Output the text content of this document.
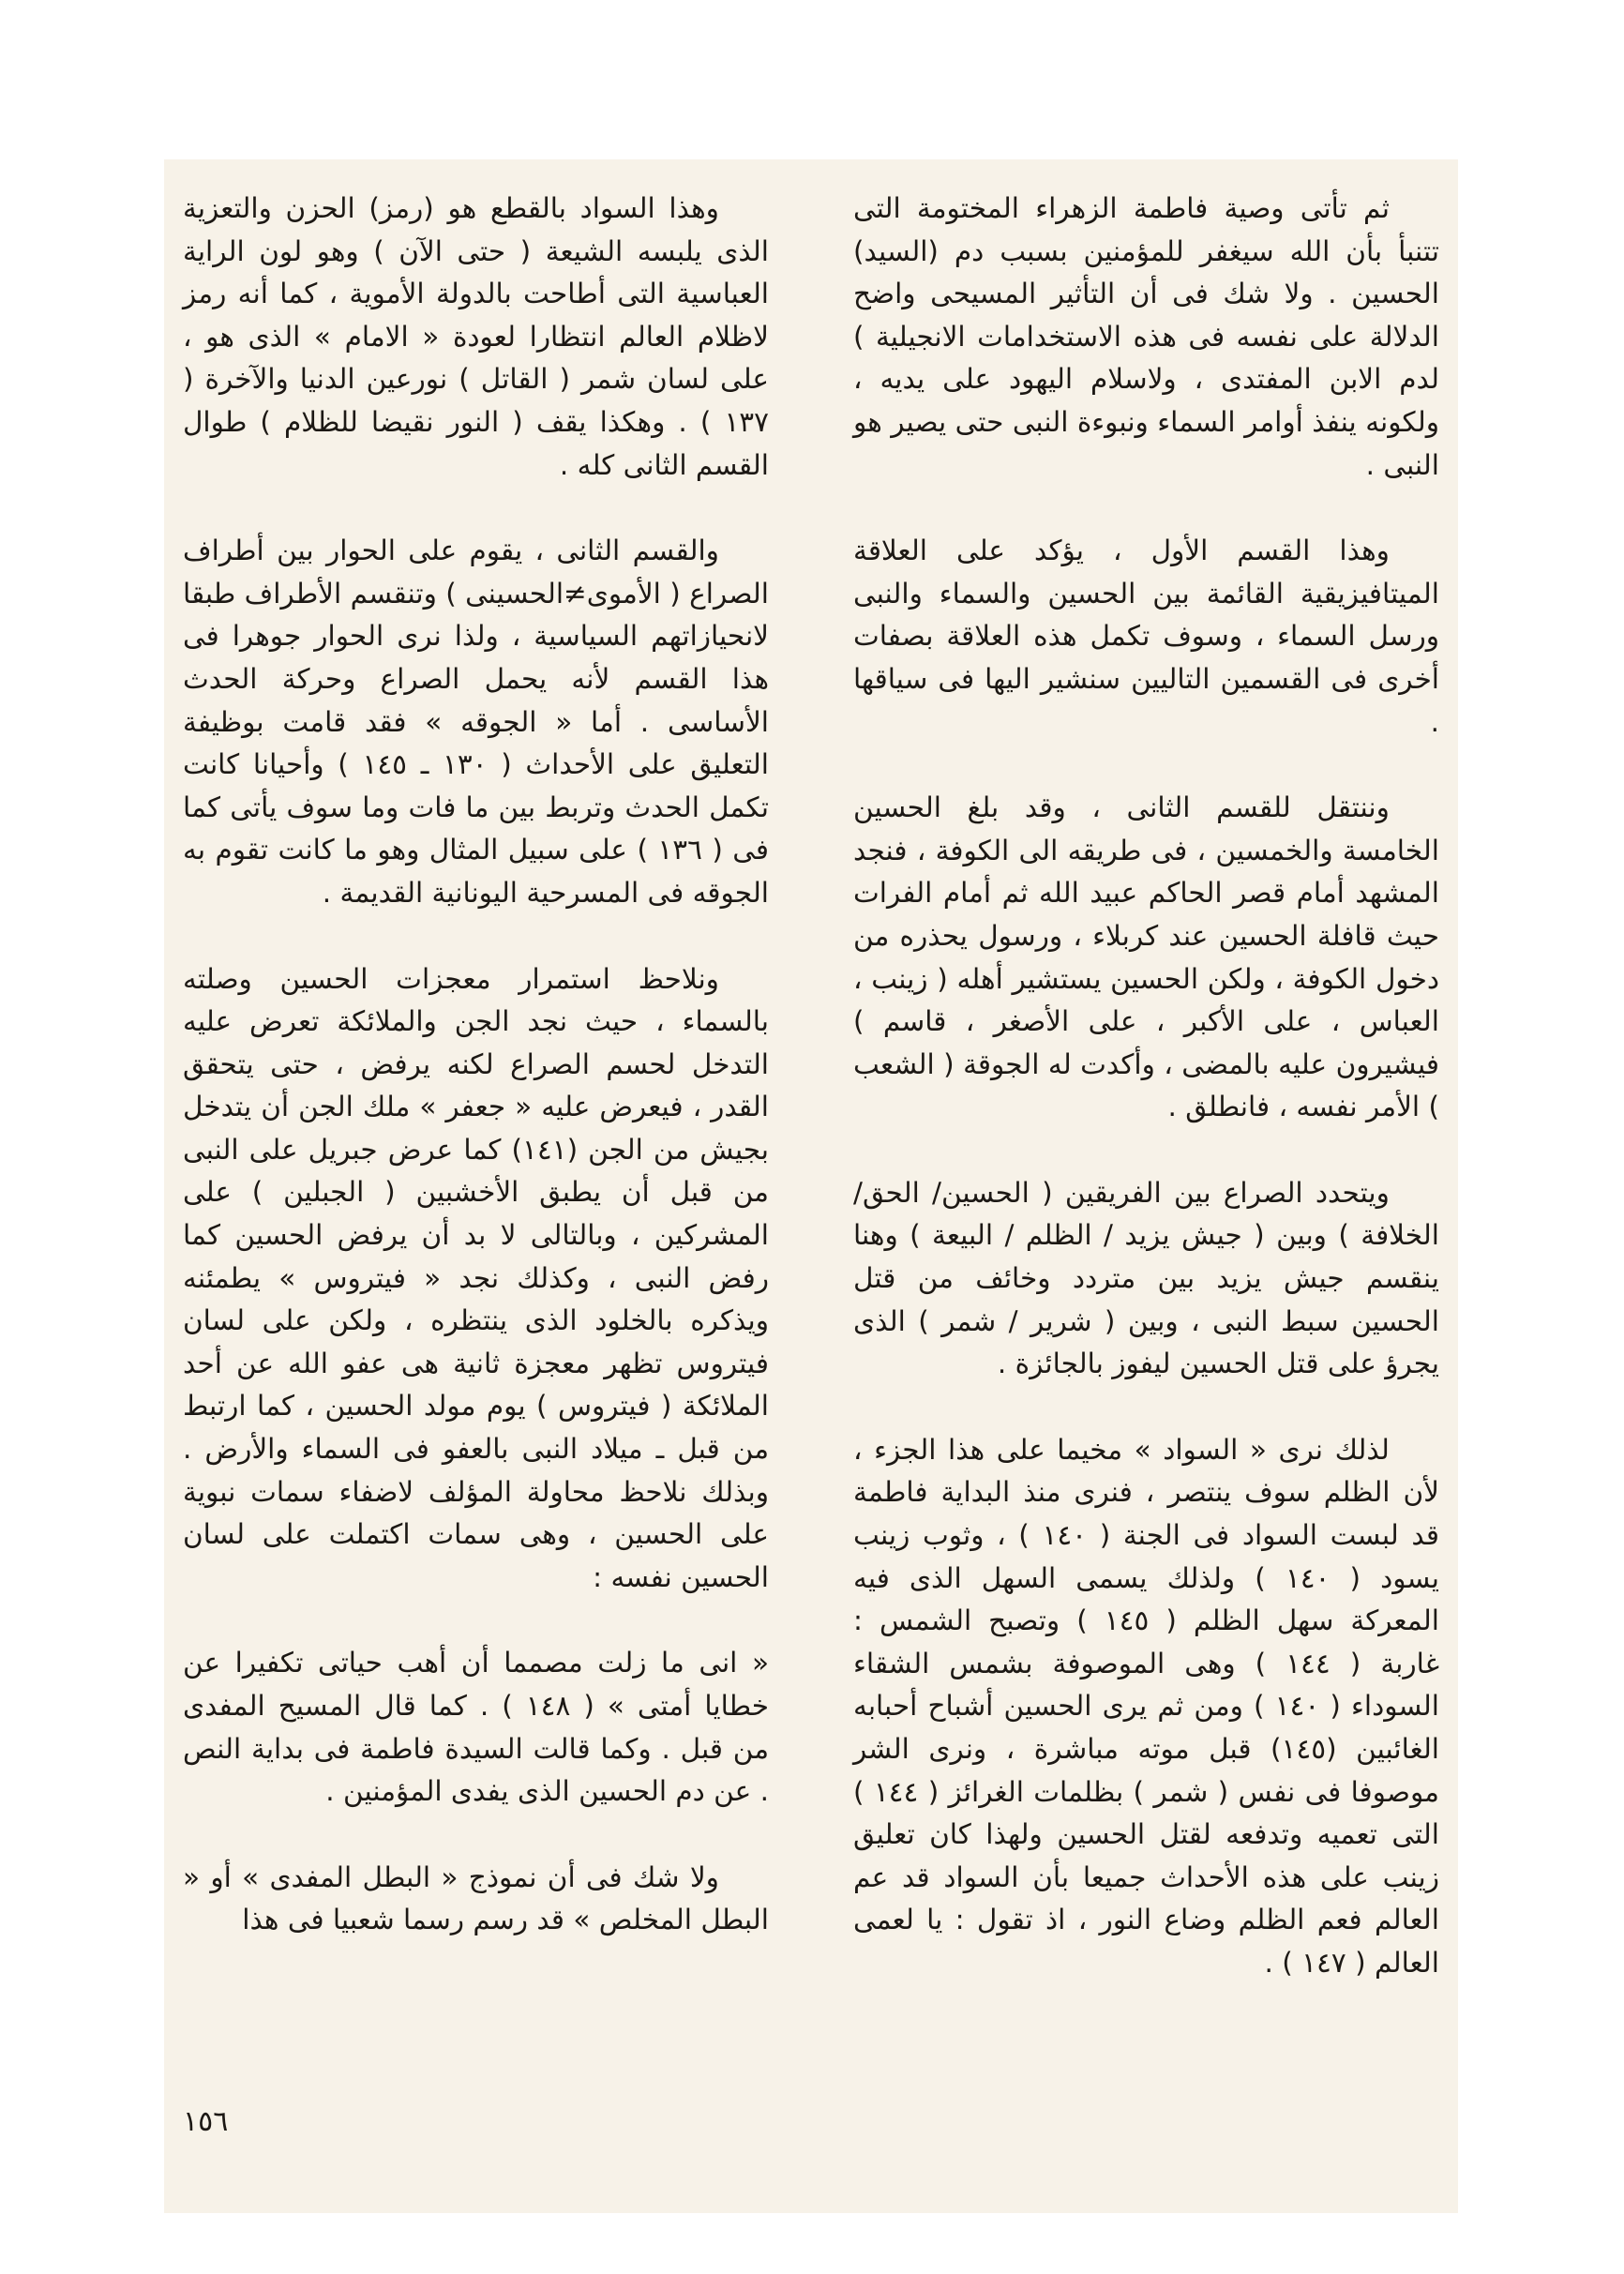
ثم تأتى وصية فاطمة الزهراء المختومة التى تتنبأ بأن الله سيغفر للمؤمنين بسبب دم (السيد) الحسين . ولا شك فى أن التأثير المسيحى واضح الدلالة على نفسه فى هذه الاستخدامات الانجيلية ) لدم الابن المفتدى ، ولاسلام اليهود على يديه ، ولكونه ينفذ أوامر السماء ونبوءة النبى حتى يصير هو النبى .

وهذا القسم الأول ، يؤكد على العلاقة الميتافيزيقية القائمة بين الحسين والسماء والنبى ورسل السماء ، وسوف تكمل هذه العلاقة بصفات أخرى فى القسمين التاليين سنشير اليها فى سياقها .

وننتقل للقسم الثانى ، وقد بلغ الحسين الخامسة والخمسين ، فى طريقه الى الكوفة ، فنجد المشهد أمام قصر الحاكم عبيد الله ثم أمام الفرات حيث قافلة الحسين عند كربلاء ، ورسول يحذره من دخول الكوفة ، ولكن الحسين يستشير أهله ( زينب ، العباس ، على الأكبر ، على الأصغر ، قاسم ) فيشيرون عليه بالمضى ، وأكدت له الجوقة ( الشعب ) الأمر نفسه ، فانطلق .

ويتحدد الصراع بين الفريقين ( الحسين/ الحق/ الخلافة ) وبين ( جيش يزيد / الظلم / البيعة ) وهنا ينقسم جيش يزيد بين متردد وخائف من قتل الحسين سبط النبى ، وبين ( شرير / شمر ) الذى يجرؤ على قتل الحسين ليفوز بالجائزة .

لذلك نرى « السواد » مخيما على هذا الجزء ، لأن الظلم سوف ينتصر ، فنرى منذ البداية فاطمة قد لبست السواد فى الجنة ( ١٤٠ ) ، وثوب زينب يسود ( ١٤٠ ) ولذلك يسمى السهل الذى فيه المعركة سهل الظلم ( ١٤٥ ) وتصبح الشمس : غاربة ( ١٤٤ ) وهى الموصوفة بشمس الشقاء السوداء ( ١٤٠ ) ومن ثم يرى الحسين أشباح أحبابه الغائبين (١٤٥) قبل موته مباشرة ، ونرى الشر موصوفا فى نفس ( شمر ) بظلمات الغرائز ( ١٤٤ ) التى تعميه وتدفعه لقتل الحسين ولهذا كان تعليق زينب على هذه الأحداث جميعا بأن السواد قد عم العالم فعم الظلم وضاع النور ، اذ تقول : يا لعمى العالم ( ١٤٧ ) .

وهذا السواد بالقطع هو (رمز) الحزن والتعزية الذى يلبسه الشيعة ( حتى الآن ) وهو لون الراية العباسية التى أطاحت بالدولة الأموية ، كما أنه رمز لاظلام العالم انتظارا لعودة « الامام » الذى هو ، على لسان شمر ( القاتل ) نورعين الدنيا والآخرة ( ١٣٧ ) . وهكذا يقف ( النور نقيضا للظلام ) طوال القسم الثانى كله .

والقسم الثانى ، يقوم على الحوار بين أطراف الصراع ( الأموى≠الحسينى ) وتنقسم الأطراف طبقا لانحيازاتهم السياسية ، ولذا نرى الحوار جوهرا فى هذا القسم لأنه يحمل الصراع وحركة الحدث الأساسى . أما « الجوقه » فقد قامت بوظيفة التعليق على الأحداث ( ١٣٠ ـ ١٤٥ ) وأحيانا كانت تكمل الحدث وتربط بين ما فات وما سوف يأتى كما فى ( ١٣٦ ) على سبيل المثال وهو ما كانت تقوم به الجوقه فى المسرحية اليونانية القديمة .

ونلاحظ استمرار معجزات الحسين وصلته بالسماء ، حيث نجد الجن والملائكة تعرض عليه التدخل لحسم الصراع لكنه يرفض ، حتى يتحقق القدر ، فيعرض عليه « جعفر » ملك الجن أن يتدخل بجيش من الجن (١٤١) كما عرض جبريل على النبى من قبل أن يطبق الأخشبين ( الجبلين ) على المشركين ، وبالتالى لا بد أن يرفض الحسين كما رفض النبى ، وكذلك نجد « فيتروس » يطمئنه ويذكره بالخلود الذى ينتظره ، ولكن على لسان فيتروس تظهر معجزة ثانية هى عفو الله عن أحد الملائكة ( فيتروس ) يوم مولد الحسين ، كما ارتبط من قبل ـ ميلاد النبى بالعفو فى السماء والأرض . وبذلك نلاحظ محاولة المؤلف لاضفاء سمات نبوية على الحسين ، وهى سمات اكتملت على لسان الحسين نفسه :

« انى ما زلت مصمما أن أهب حياتى تكفيرا عن خطايا أمتى » ( ١٤٨ ) . كما قال المسيح المفدى من قبل . وكما قالت السيدة فاطمة فى بداية النص . عن دم الحسين الذى يفدى المؤمنين .

ولا شك فى أن نموذج « البطل المفدى » أو « البطل المخلص » قد رسم رسما شعبيا فى هذا

١٥٦
